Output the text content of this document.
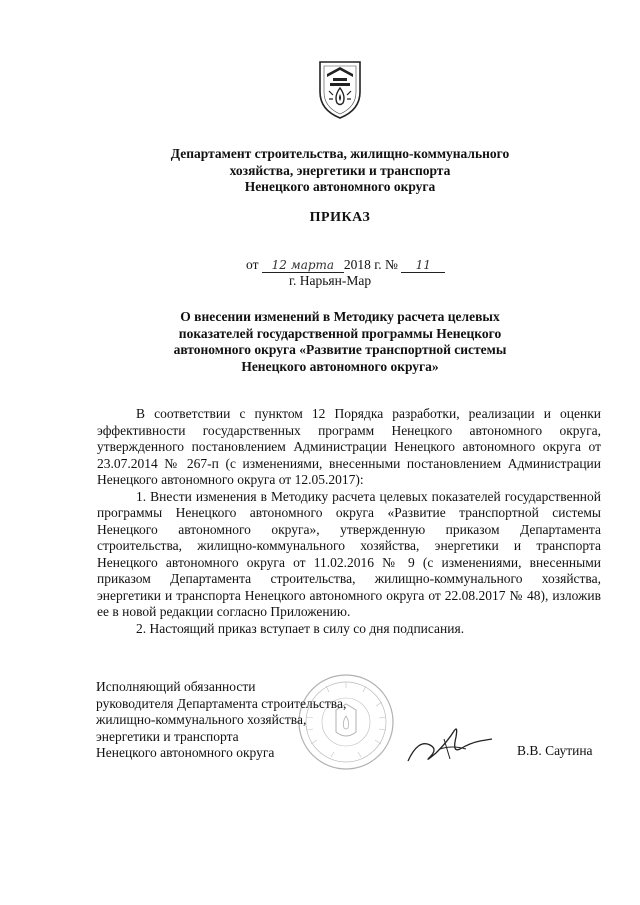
Департамент строительства, жилищно-коммунального
хозяйства, энергетики и транспорта
Ненецкого автономного округа
ПРИКАЗ
от 12 марта 2018 г. № 11
г. Нарьян-Мар
О внесении изменений в Методику расчета целевых
показателей государственной программы Ненецкого
автономного округа «Развитие транспортной системы
Ненецкого автономного округа»

В соответствии с пунктом 12 Порядка разработки, реализации и оценки эффективности государственных программ Ненецкого автономного округа, утвержденного постановлением Администрации Ненецкого автономного округа от 23.07.2014 № 267-п (с изменениями, внесенными постановлением Администрации Ненецкого автономного округа от 12.05.2017):

1. Внести изменения в Методику расчета целевых показателей государственной программы Ненецкого автономного округа «Развитие транспортной системы Ненецкого автономного округа», утвержденную приказом Департамента строительства, жилищно-коммунального хозяйства, энергетики и транспорта Ненецкого автономного округа от 11.02.2016 № 9 (с изменениями, внесенными приказом Департамента строительства, жилищно-коммунального хозяйства, энергетики и транспорта Ненецкого автономного округа от 22.08.2017 № 48), изложив ее в новой редакции согласно Приложению.

2. Настоящий приказ вступает в силу со дня подписания.

Исполняющий обязанности
руководителя Департамента строительства,
жилищно-коммунального хозяйства,
энергетики и транспорта
Ненецкого автономного округа	В.В. Саутина
